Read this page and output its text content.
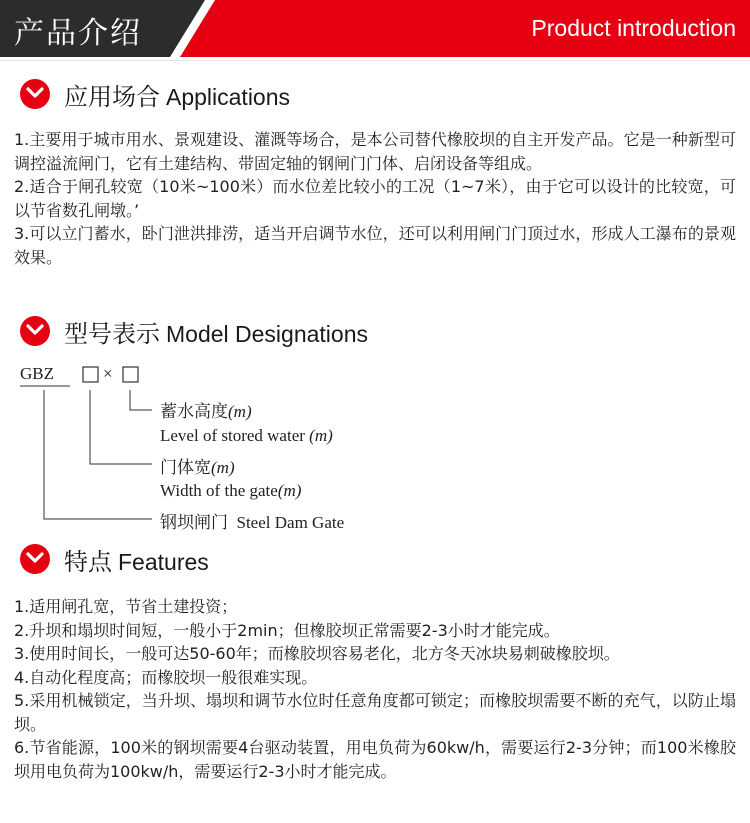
产品介绍	Product introduction
应用场合 Applications

1.主要用于城市用水、景观建设、灌溉等场合，是本公司替代橡胶坝的自主开发产品。它是一种新型可调控溢流闸门，它有土建结构、带固定轴的钢闸门门体、启闭设备等组成。

2.适合于闸孔较宽（10米~100米）而水位差比较小的工况（1~7米），由于它可以设计的比较宽，可以节省数孔闸墩。’

3.可以立门蓄水，卧门泄洪排涝，适当开启调节水位，还可以利用闸门门顶过水，形成人工瀑布的景观效果。

型号表示 Model Designations
GBZ	×
蓄水高度(m)
Level of stored water (m)
门体宽(m)
Width of the gate(m)
钢坝闸门 Steel Dam Gate
特点 Features

1.适用闸孔宽，节省土建投资；

2.升坝和塌坝时间短，一般小于2min；但橡胶坝正常需要2-3小时才能完成。

3.使用时间长，一般可达50-60年；而橡胶坝容易老化，北方冬天冰块易刺破橡胶坝。

4.自动化程度高；而橡胶坝一般很难实现。

5.采用机械锁定，当升坝、塌坝和调节水位时任意角度都可锁定；而橡胶坝需要不断的充气，以防止塌坝。

6.节省能源，100米的钢坝需要4台驱动装置，用电负荷为60kw/h，需要运行2-3分钟；而100米橡胶坝用电负荷为100kw/h，需要运行2-3小时才能完成。
